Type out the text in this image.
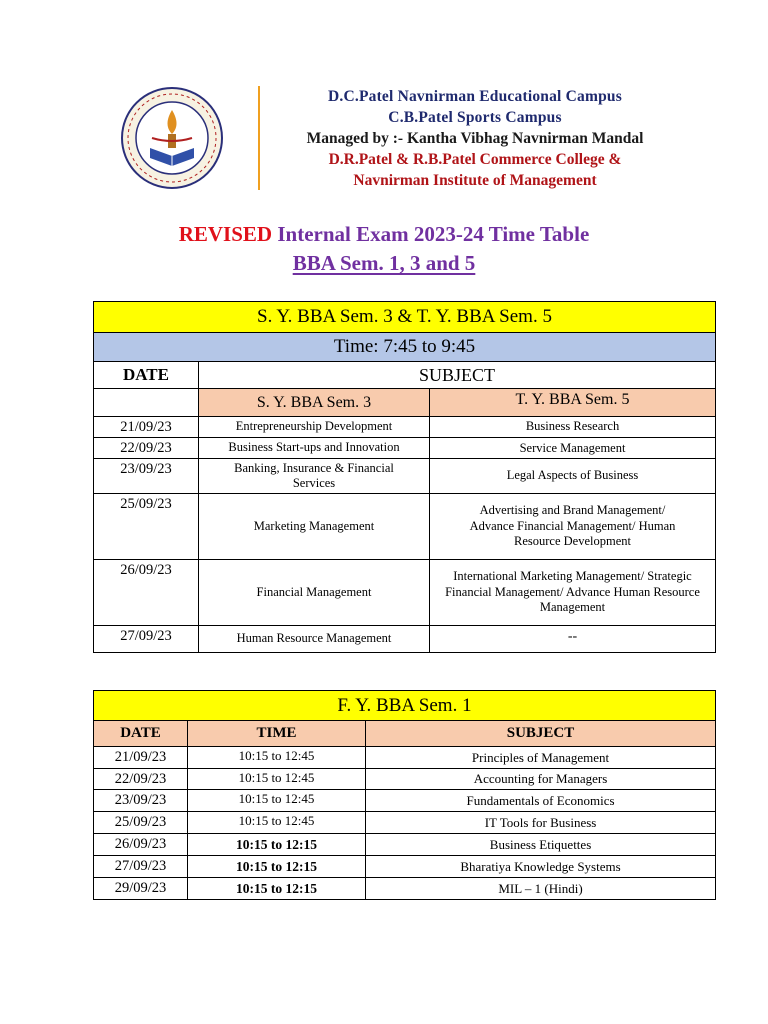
D.C.Patel Navnirman Educational Campus
C.B.Patel Sports Campus
Managed by :- Kantha Vibhag Navnirman Mandal
D.R.Patel & R.B.Patel Commerce College &
Navnirman Institute of Management
REVISED Internal Exam 2023-24 Time Table
BBA Sem. 1, 3 and 5
S. Y. BBA Sem. 3 & T. Y. BBA Sem. 5		
Time: 7:45 to 9:45		
DATE	SUBJECT	
	S. Y. BBA Sem. 3	T. Y. BBA Sem. 5
21/09/23	Entrepreneurship Development	Business Research
22/09/23	Business Start-ups and Innovation	Service Management
23/09/23	Banking, Insurance & Financial Services	Legal Aspects of Business
25/09/23	Marketing Management	Advertising and Brand Management/ Advance Financial Management/ Human Resource Development
26/09/23	Financial Management	International Marketing Management/ Strategic Financial Management/ Advance Human Resource Management
27/09/23	Human Resource Management	--
F. Y. BBA Sem. 1		
DATE	TIME	SUBJECT
21/09/23	10:15 to 12:45	Principles of Management
22/09/23	10:15 to 12:45	Accounting for Managers
23/09/23	10:15 to 12:45	Fundamentals of Economics
25/09/23	10:15 to 12:45	IT Tools for Business
26/09/23	10:15 to 12:15	Business Etiquettes
27/09/23	10:15 to 12:15	Bharatiya Knowledge Systems
29/09/23	10:15 to 12:15	MIL – 1 (Hindi)
